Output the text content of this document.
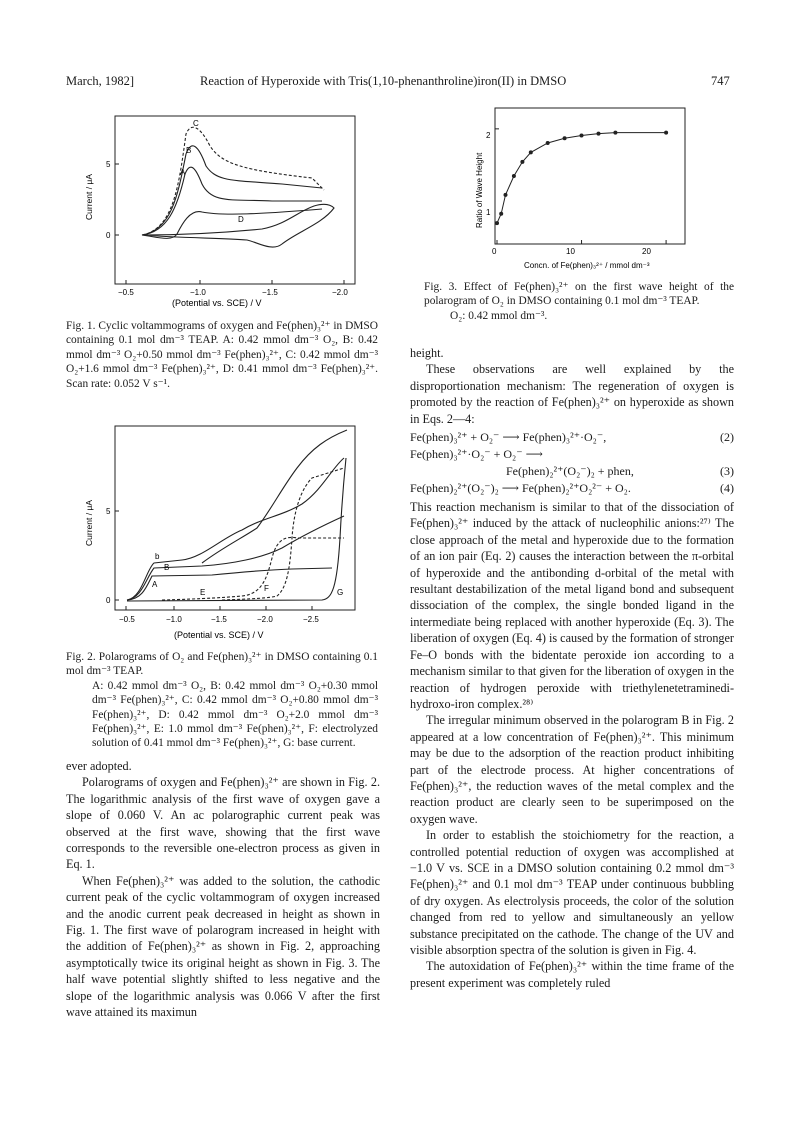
March, 1982]	Reaction of Hyperoxide with Tris(1,10-phenanthroline)iron(II) in DMSO	747
Current / μA
5
0
−0.5	−1.0	−1.5	−2.0
(Potential vs. SCE) / V
C
B
A
D
Fig. 1. Cyclic voltammograms of oxygen and Fe(phen)₃²⁺ in DMSO containing 0.1 mol dm⁻³ TEAP. A: 0.42 mmol dm⁻³ O₂, B: 0.42 mmol dm⁻³ O₂+0.50 mmol dm⁻³ Fe(phen)₃²⁺, C: 0.42 mmol dm⁻³ O₂+1.6 mmol dm⁻³ Fe(phen)₃²⁺, D: 0.41 mmol dm⁻³ Fe(phen)₃²⁺. Scan rate: 0.052 V s⁻¹.
Current / μA 5
0
−0.5	−1.0	−1.5	−2.0	−2.5
(Potential vs. SCE) / V
b
B
A
E	F	G
Fig. 2. Polarograms of O₂ and Fe(phen)₃²⁺ in DMSO containing 0.1 mol dm⁻³ TEAP.
A: 0.42 mmol dm⁻³ O₂, B: 0.42 mmol dm⁻³ O₂+0.30 mmol dm⁻³ Fe(phen)₃²⁺, C: 0.42 mmol dm⁻³ O₂+0.80 mmol dm⁻³ Fe(phen)₃²⁺, D: 0.42 mmol dm⁻³ O₂+2.0 mmol dm⁻³ Fe(phen)₃²⁺, E: 1.0 mmol dm⁻³ Fe(phen)₃²⁺, F: electrolyzed solution of 0.41 mmol dm⁻³ Fe(phen)₃²⁺, G: base current.
Ratio of Wave Height
2
1
0	10	20
Concn. of Fe(phen)₃²⁺ / mmol dm⁻³
Fig. 3. Effect of Fe(phen)₃²⁺ on the first wave height of the polarogram of O₂ in DMSO containing 0.1 mol dm⁻³ TEAP.
O₂: 0.42 mmol dm⁻³.

ever adopted.

Polarograms of oxygen and Fe(phen)₃²⁺ are shown in Fig. 2. The logarithmic analysis of the first wave of oxygen gave a slope of 0.060 V. An ac polarographic current peak was observed at the first wave, showing that the first wave corresponds to the reversible one-electron process as given in Eq. 1.

When Fe(phen)₃²⁺ was added to the solution, the cathodic current peak of the cyclic voltammogram of oxygen increased and the anodic current peak decreased in height as shown in Fig. 1. The first wave of polarogram increased in height with the addition of Fe(phen)₃²⁺ as shown in Fig. 2, approaching asymptotically twice its original height as shown in Fig. 3. The half wave potential slightly shifted to less negative and the slope of the logarithmic analysis was 0.066 V after the first wave attained its maximun

height.

These observations are well explained by the disproportionation mechanism: The regeneration of oxygen is promoted by the reaction of Fe(phen)₃²⁺ on hyperoxide as shown in Eqs. 2—4:

Fe(phen)₃²⁺ + O₂⁻ ⟶ Fe(phen)₃²⁺·O₂⁻,	(2)
Fe(phen)₃²⁺·O₂⁻ + O₂⁻ ⟶
Fe(phen)₂²⁺(O₂⁻)₂ + phen,	(3)
Fe(phen)₂²⁺(O₂⁻)₂ ⟶ Fe(phen)₂²⁺O₂²⁻ + O₂.	(4)

This reaction mechanism is similar to that of the dissociation of Fe(phen)₃²⁺ induced by the attack of nucleophilic anions:²⁷⁾ The close approach of the metal and hyperoxide due to the formation of an ion pair (Eq. 2) causes the interaction between the π-orbital of hyperoxide and the antibonding d-orbital of the metal with resultant destabilization of the metal ligand bond and subsequent dissociation of the complex, the single bonded ligand in the intermediate being replaced with another hyperoxide (Eq. 3). The liberation of oxygen (Eq. 4) is caused by the formation of stronger Fe–O bonds with the bidentate peroxide ion according to a mechanism similar to that given for the liberation of oxygen in the reaction of hydrogen peroxide with triethylenetetraminedi-hydroxo-iron complex.²⁸⁾

The irregular minimum observed in the polarogram B in Fig. 2 appeared at a low concentration of Fe(phen)₃²⁺. This minimum may be due to the adsorption of the reaction product inhibiting part of the electrode process. At higher concentrations of Fe(phen)₃²⁺, the reduction waves of the metal complex and the reaction product are clearly seen to be superimposed on the oxygen wave.

In order to establish the stoichiometry for the reaction, a controlled potential reduction of oxygen was accomplished at −1.0 V vs. SCE in a DMSO solution containing 0.2 mmol dm⁻³ Fe(phen)₃²⁺ and 0.1 mol dm⁻³ TEAP under continuous bubbling of dry oxygen. As electrolysis proceeds, the color of the solution changed from red to yellow and simultaneously an yellow substance precipitated on the cathode. The change of the UV and visible absorption spectra of the solution is given in Fig. 4.

The autoxidation of Fe(phen)₃²⁺ within the time frame of the present experiment was completely ruled
